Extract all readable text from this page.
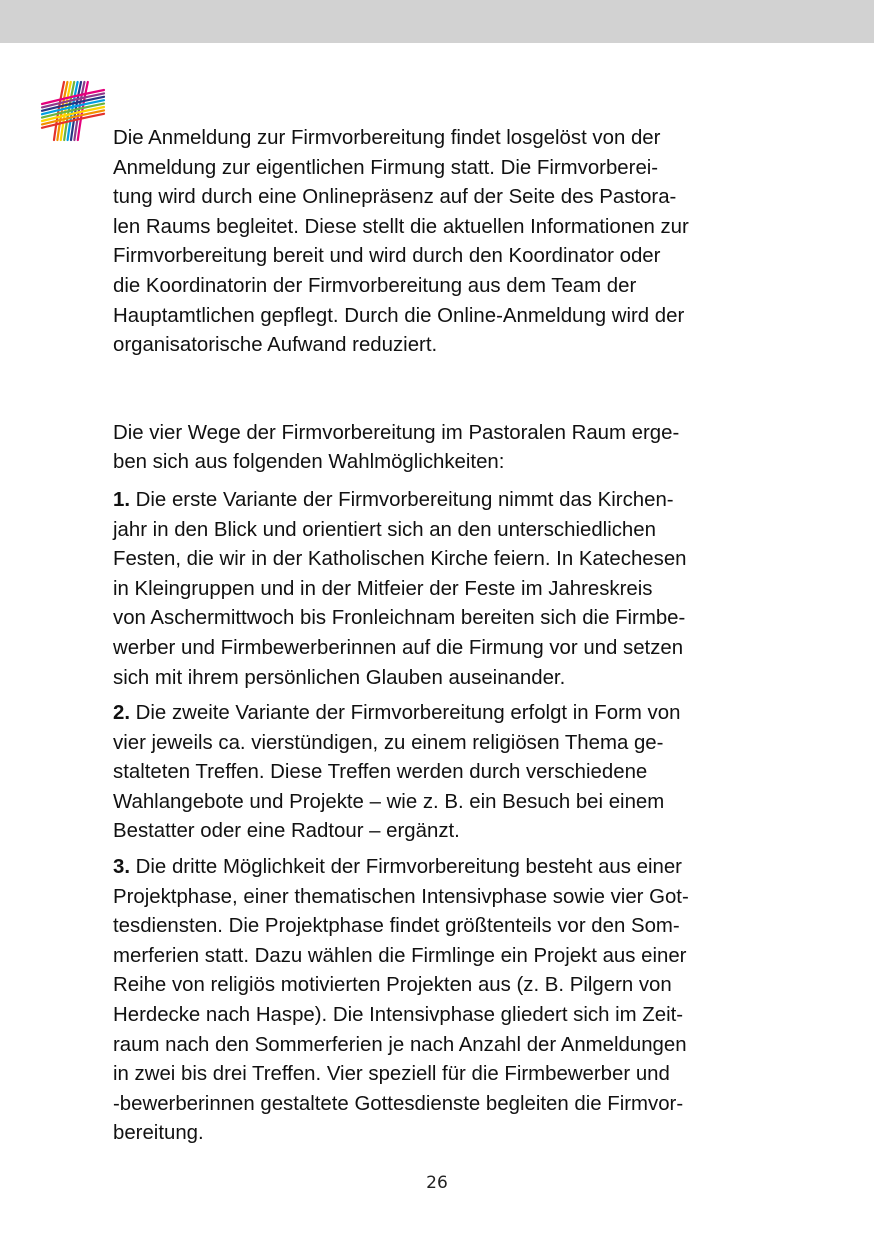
Die Anmeldung zur Firmvorbereitung findet losgelöst von der
Anmeldung zur eigentlichen Firmung statt. Die Firmvorberei-
tung wird durch eine Onlinepräsenz auf der Seite des Pastora-
len Raums begleitet. Diese stellt die aktuellen Informationen zur
Firmvorbereitung bereit und wird durch den Koordinator oder
die Koordinatorin der Firmvorbereitung aus dem Team der
Hauptamtlichen gepflegt. Durch die Online-Anmeldung wird der
organisatorische Aufwand reduziert.

Die vier Wege der Firmvorbereitung im Pastoralen Raum erge-
ben sich aus folgenden Wahlmöglichkeiten:

1. Die erste Variante der Firmvorbereitung nimmt das Kirchen-
jahr in den Blick und orientiert sich an den unterschiedlichen
Festen, die wir in der Katholischen Kirche feiern. In Katechesen
in Kleingruppen und in der Mitfeier der Feste im Jahreskreis
von Aschermittwoch bis Fronleichnam bereiten sich die Firmbe-
werber und Firmbewerberinnen auf die Firmung vor und setzen
sich mit ihrem persönlichen Glauben auseinander.

2. Die zweite Variante der Firmvorbereitung erfolgt in Form von
vier jeweils ca. vierstündigen, zu einem religiösen Thema ge-
stalteten Treffen. Diese Treffen werden durch verschiedene
Wahlangebote und Projekte – wie z. B. ein Besuch bei einem
Bestatter oder eine Radtour – ergänzt.

3. Die dritte Möglichkeit der Firmvorbereitung besteht aus einer
Projektphase, einer thematischen Intensivphase sowie vier Got-
tesdiensten. Die Projektphase findet größtenteils vor den Som-
merferien statt. Dazu wählen die Firmlinge ein Projekt aus einer
Reihe von religiös motivierten Projekten aus (z. B. Pilgern von
Herdecke nach Haspe). Die Intensivphase gliedert sich im Zeit-
raum nach den Sommerferien je nach Anzahl der Anmeldungen
in zwei bis drei Treffen. Vier speziell für die Firmbewerber und
-bewerberinnen gestaltete Gottesdienste begleiten die Firmvor-
bereitung.

26
